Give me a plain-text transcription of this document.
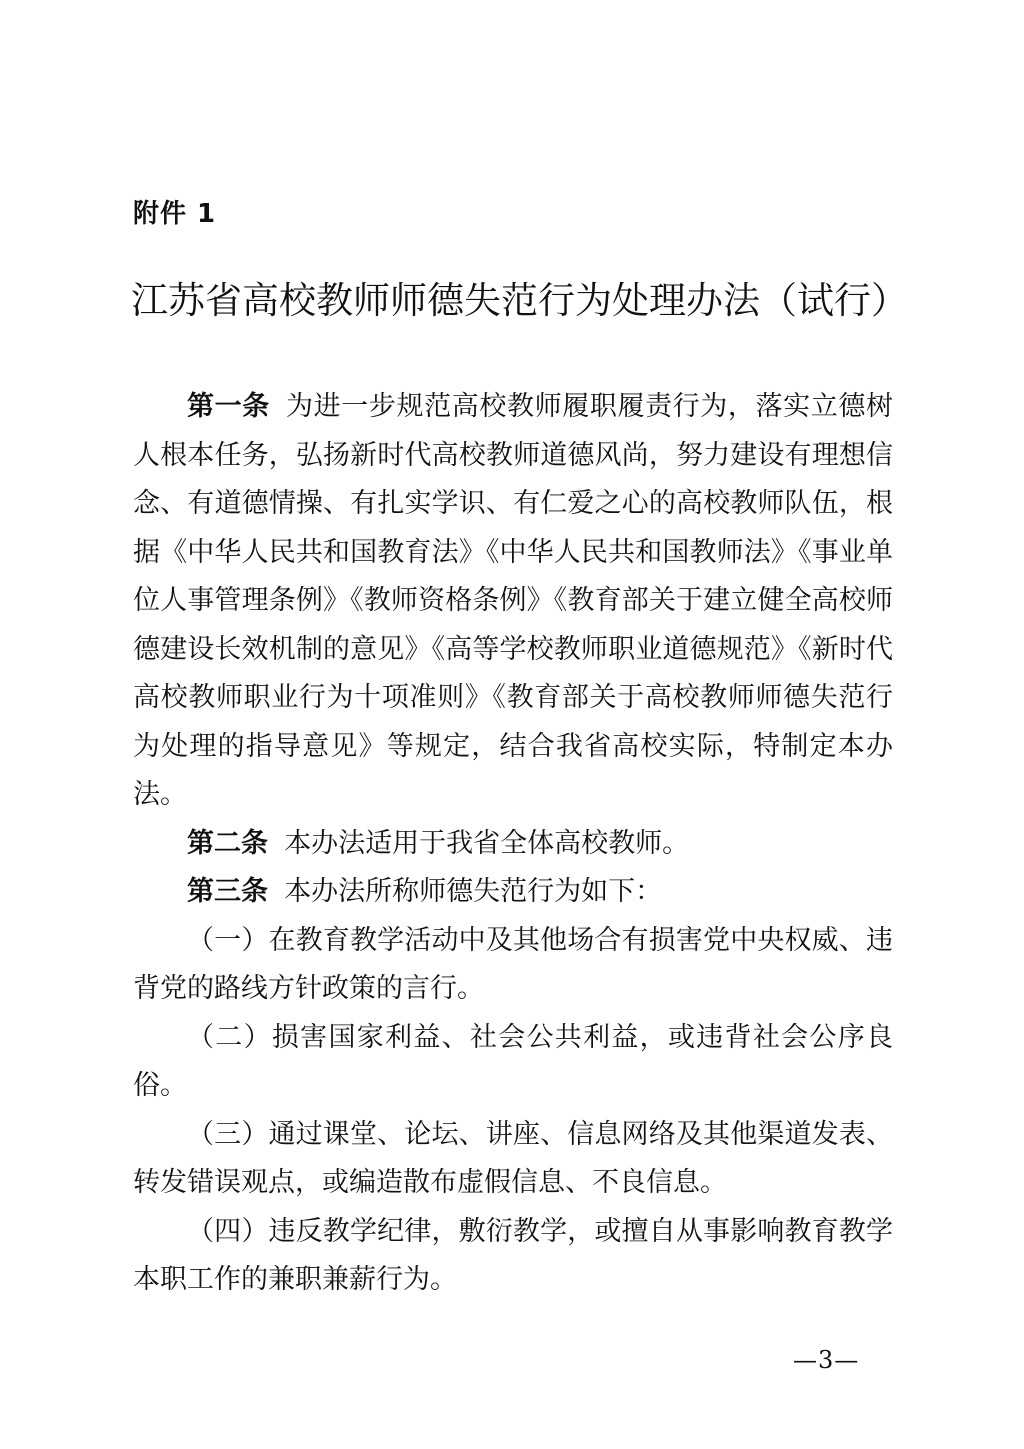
附件 1
江苏省高校教师师德失范行为处理办法（试行）

第一条 为进一步规范高校教师履职履责行为，落实立德树人根本任务，弘扬新时代高校教师道德风尚，努力建设有理想信念、有道德情操、有扎实学识、有仁爱之心的高校教师队伍，根据《中华人民共和国教育法》《中华人民共和国教师法》《事业单位人事管理条例》《教师资格条例》《教育部关于建立健全高校师德建设长效机制的意见》《高等学校教师职业道德规范》《新时代高校教师职业行为十项准则》《教育部关于高校教师师德失范行为处理的指导意见》等规定，结合我省高校实际，特制定本办法。

第二条 本办法适用于我省全体高校教师。

第三条 本办法所称师德失范行为如下：

（一）在教育教学活动中及其他场合有损害党中央权威、违背党的路线方针政策的言行。

（二）损害国家利益、社会公共利益，或违背社会公序良俗。

（三）通过课堂、论坛、讲座、信息网络及其他渠道发表、转发错误观点，或编造散布虚假信息、不良信息。

（四）违反教学纪律，敷衍教学，或擅自从事影响教育教学本职工作的兼职兼薪行为。

—3—
